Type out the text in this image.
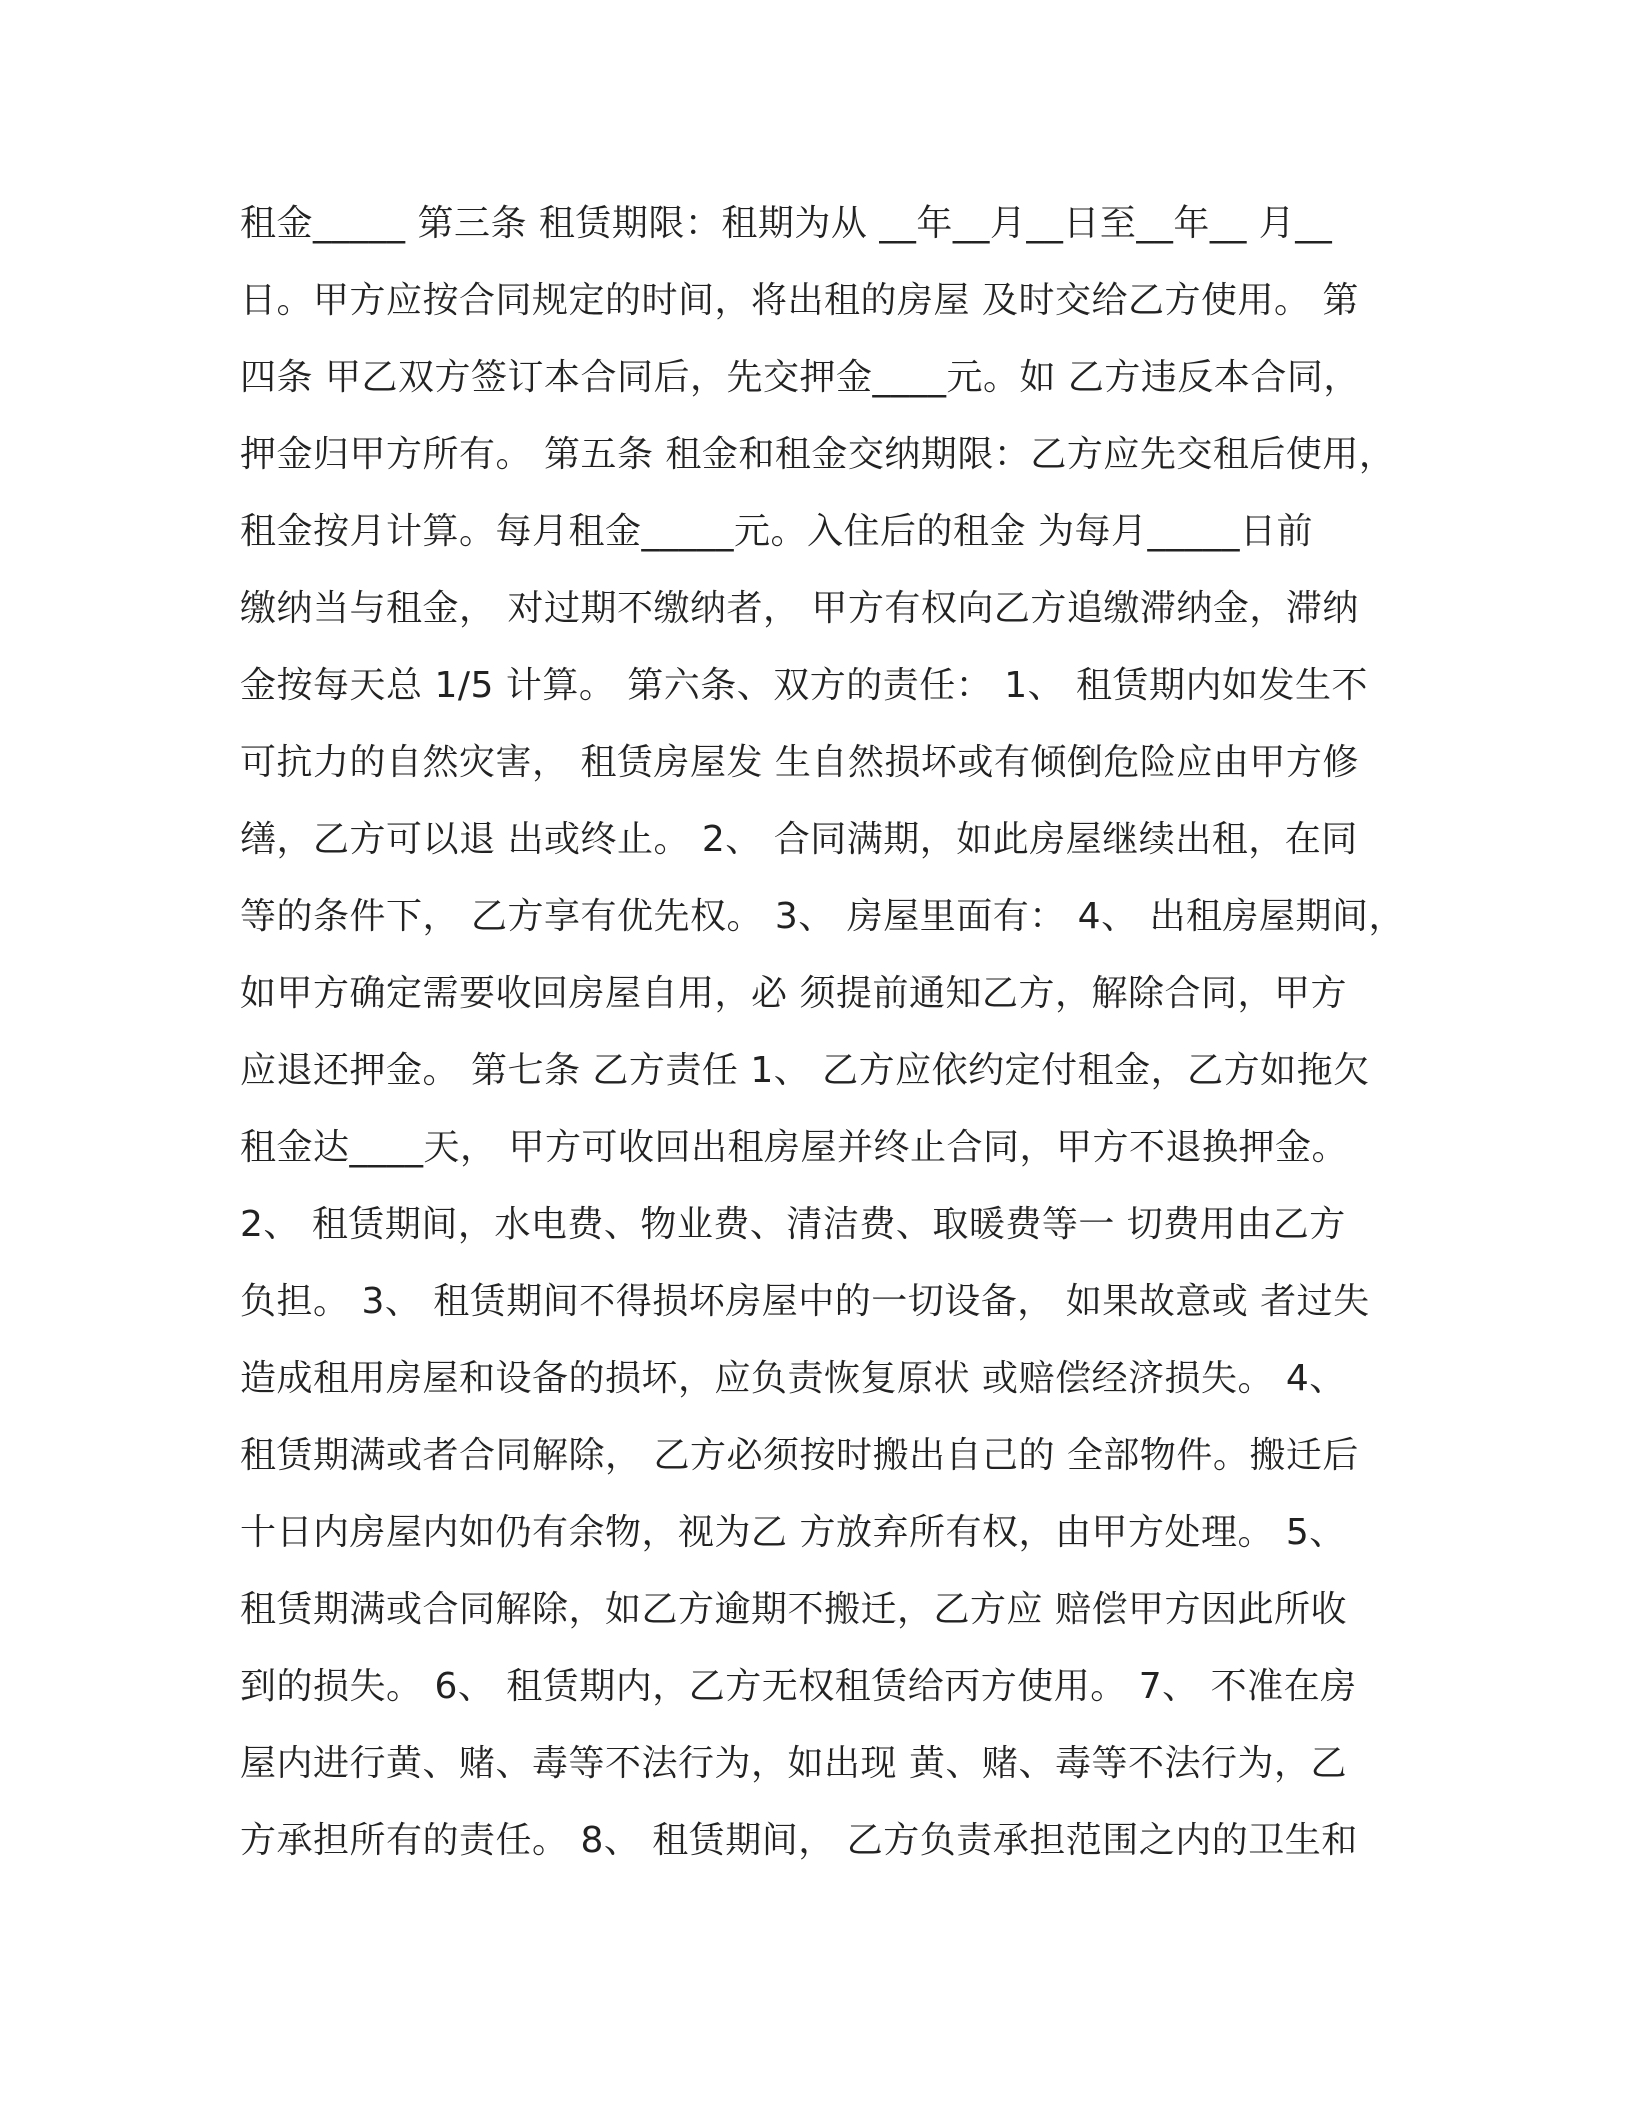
租金_____ 第三条 租赁期限：租期为从 __年__月__日至__年__ 月__
日。甲方应按合同规定的时间，将出租的房屋 及时交给乙方使用。 第
四条 甲乙双方签订本合同后，先交押金____元。如 乙方违反本合同，
押金归甲方所有。 第五条 租金和租金交纳期限：乙方应先交租后使用，
租金按月计算。每月租金_____元。入住后的租金 为每月_____日前
缴纳当与租金， 对过期不缴纳者， 甲方有权向乙方追缴滞纳金，滞纳
金按每天总 1/5 计算。 第六条、双方的责任： 1、 租赁期内如发生不
可抗力的自然灾害， 租赁房屋发 生自然损坏或有倾倒危险应由甲方修
缮，乙方可以退 出或终止。 2、 合同满期，如此房屋继续出租，在同
等的条件下， 乙方享有优先权。 3、 房屋里面有： 4、 出租房屋期间，
如甲方确定需要收回房屋自用，必 须提前通知乙方，解除合同，甲方
应退还押金。 第七条 乙方责任 1、 乙方应依约定付租金，乙方如拖欠
租金达____天， 甲方可收回出租房屋并终止合同，甲方不退换押金。
2、 租赁期间，水电费、物业费、清洁费、取暖费等一 切费用由乙方
负担。 3、 租赁期间不得损坏房屋中的一切设备， 如果故意或 者过失
造成租用房屋和设备的损坏，应负责恢复原状 或赔偿经济损失。 4、
租赁期满或者合同解除， 乙方必须按时搬出自己的 全部物件。搬迁后
十日内房屋内如仍有余物，视为乙 方放弃所有权，由甲方处理。 5、
租赁期满或合同解除，如乙方逾期不搬迁，乙方应 赔偿甲方因此所收
到的损失。 6、 租赁期内，乙方无权租赁给丙方使用。 7、 不准在房
屋内进行黄、赌、毒等不法行为，如出现 黄、赌、毒等不法行为，乙
方承担所有的责任。 8、 租赁期间， 乙方负责承担范围之内的卫生和
